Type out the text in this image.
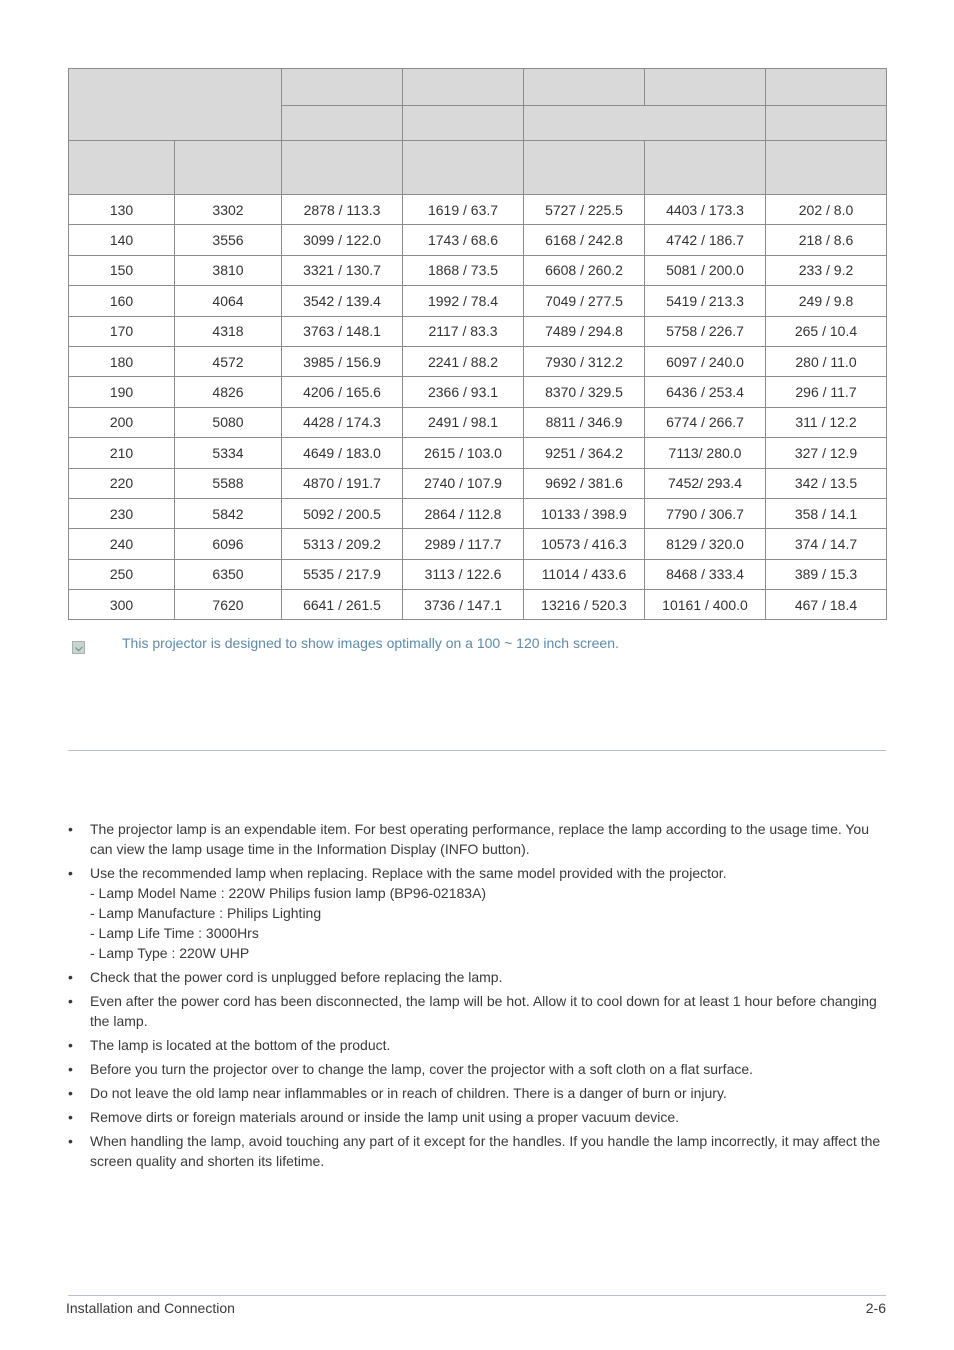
130	3302	2878 / 113.3	1619 / 63.7	5727 / 225.5	4403 / 173.3	202 / 8.0
140	3556	3099 / 122.0	1743 / 68.6	6168 / 242.8	4742 / 186.7	218 / 8.6
150	3810	3321 / 130.7	1868 / 73.5	6608 / 260.2	5081 / 200.0	233 / 9.2
160	4064	3542 / 139.4	1992 / 78.4	7049 / 277.5	5419 / 213.3	249 / 9.8
170	4318	3763 / 148.1	2117 / 83.3	7489 / 294.8	5758 / 226.7	265 / 10.4
180	4572	3985 / 156.9	2241 / 88.2	7930 / 312.2	6097 / 240.0	280 / 11.0
190	4826	4206 / 165.6	2366 / 93.1	8370 / 329.5	6436 / 253.4	296 / 11.7
200	5080	4428 / 174.3	2491 / 98.1	8811 / 346.9	6774 / 266.7	311 / 12.2
210	5334	4649 / 183.0	2615 / 103.0	9251 / 364.2	7113/ 280.0	327 / 12.9
220	5588	4870 / 191.7	2740 / 107.9	9692 / 381.6	7452/ 293.4	342 / 13.5
230	5842	5092 / 200.5	2864 / 112.8	10133 / 398.9	7790 / 306.7	358 / 14.1
240	6096	5313 / 209.2	2989 / 117.7	10573 / 416.3	8129 / 320.0	374 / 14.7
250	6350	5535 / 217.9	3113 / 122.6	11014 / 433.6	8468 / 333.4	389 / 15.3
300	7620	6641 / 261.5	3736 / 147.1	13216 / 520.3	10161 / 400.0	467 / 18.4
This projector is designed to show images optimally on a 100 ~ 120 inch screen.
• The projector lamp is an expendable item. For best operating performance, replace the lamp according to the usage time. You can view the lamp usage time in the Information Display (INFO button).
• Use the recommended lamp when replacing. Replace with the same model provided with the projector.
- Lamp Model Name : 220W Philips fusion lamp (BP96-02183A)
- Lamp Manufacture : Philips Lighting
- Lamp Life Time : 3000Hrs
- Lamp Type : 220W UHP
• Check that the power cord is unplugged before replacing the lamp.
• Even after the power cord has been disconnected, the lamp will be hot. Allow it to cool down for at least 1 hour before changing the lamp.
• The lamp is located at the bottom of the product.
• Before you turn the projector over to change the lamp, cover the projector with a soft cloth on a flat surface.
• Do not leave the old lamp near inflammables or in reach of children. There is a danger of burn or injury.
• Remove dirts or foreign materials around or inside the lamp unit using a proper vacuum device.
• When handling the lamp, avoid touching any part of it except for the handles. If you handle the lamp incorrectly, it may affect the screen quality and shorten its lifetime.
Installation and Connection	2-6
